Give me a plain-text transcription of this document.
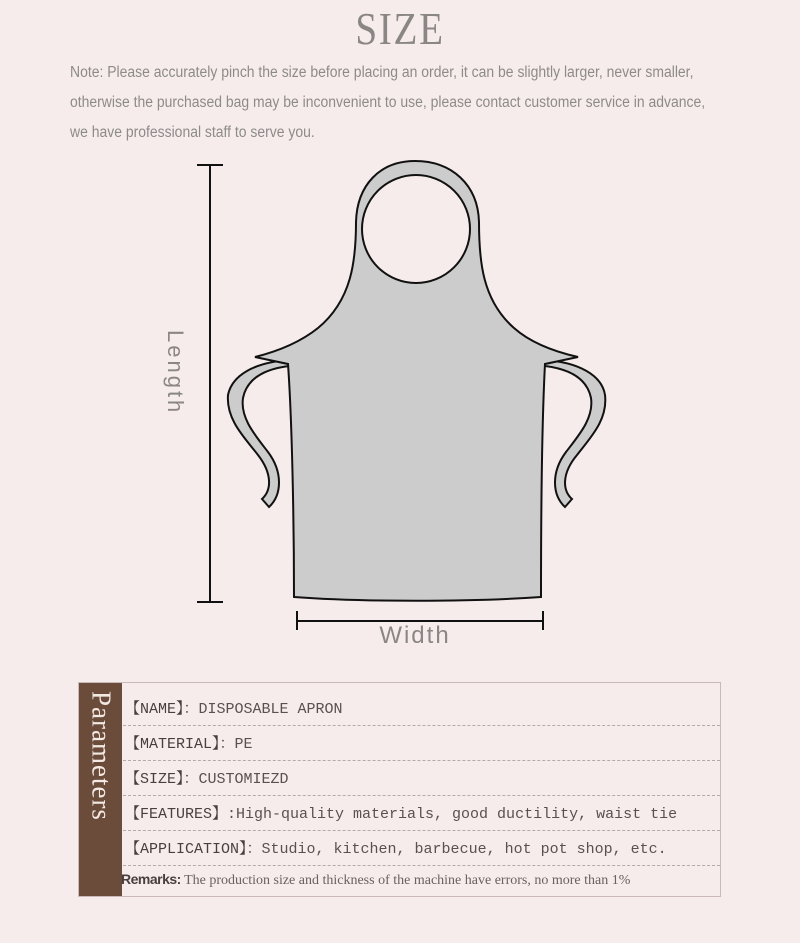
SIZE
Note: Please accurately pinch the size before placing an order, it can be slightly larger, never smaller,
otherwise the purchased bag may be inconvenient to use, please contact customer service in advance,
we have professional staff to serve you.
Length
Width
Parameters 【NAME】：DISPOSABLE APRON
【MATERIAL】：PE
【SIZE】：CUSTOMIEZD
【FEATURES】:High-quality materials, good ductility, waist tie
【APPLICATION】：Studio, kitchen, barbecue, hot pot shop, etc.
Remarks: The production size and thickness of the machine have errors, no more than 1%
